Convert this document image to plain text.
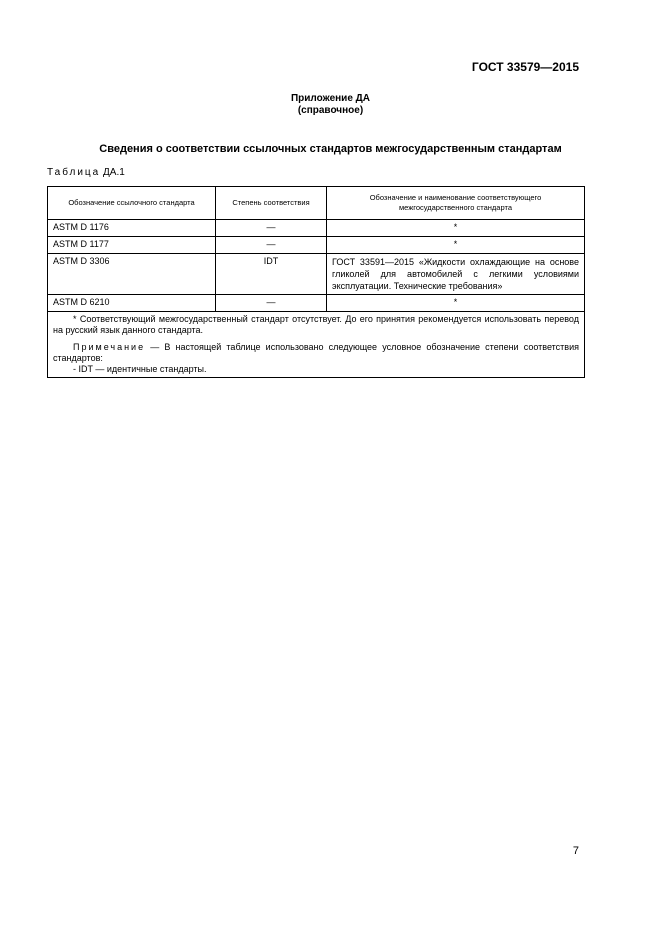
ГОСТ 33579—2015
Приложение ДА
(справочное)
Сведения о соответствии ссылочных стандартов межгосударственным стандартам
Таблица ДА.1
Обозначение ссылочного стандарта	Степень соответствия	Обозначение и наименование соответствующего межгосударственного стандарта
ASTM D 1176	—	*
ASTM D 1177	—	*
ASTM D 3306	IDT	ГОСТ 33591—2015 «Жидкости охлаждающие на основе гликолей для автомобилей с легкими условиями эксплуатации. Технические требования»
ASTM D 6210	—	*

* Соответствующий межгосударственный стандарт отсутствует. До его принятия рекомендуется использовать перевод на русский язык данного стандарта.

Примечание — В настоящей таблице использовано следующее условное обозначение степени соответствия стандартов:

- IDT — идентичные стандарты.		

7
